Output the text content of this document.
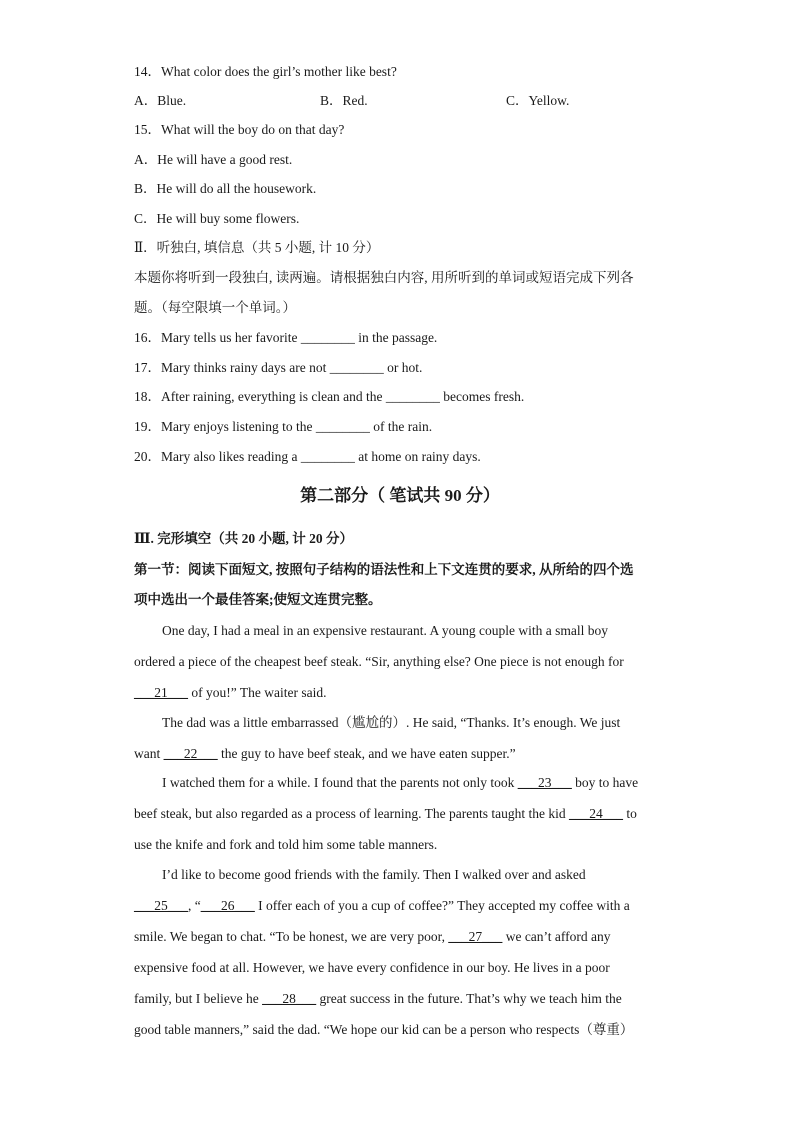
14．What color does the girl’s mother like best?
A．Blue.	B．Red.	C．Yellow.
15．What will the boy do on that day?
A．He will have a good rest.
B．He will do all the housework.
C．He will buy some flowers.
Ⅱ．听独白, 填信息（共 5 小题, 计 10 分）
本题你将听到一段独白, 读两遍。请根据独白内容, 用所听到的单词或短语完成下列各
题。（每空限填一个单词。）
16．Mary tells us her favorite ________ in the passage.
17．Mary thinks rainy days are not ________ or hot.
18．After raining, everything is clean and the ________ becomes fresh.
19．Mary enjoys listening to the ________ of the rain.
20．Mary also likes reading a ________ at home on rainy days.
第二部分（ 笔试共 90 分）
Ⅲ. 完形填空（共 20 小题, 计 20 分）
第一节：阅读下面短文, 按照句子结构的语法性和上下文连贯的要求, 从所给的四个选
项中选出一个最佳答案;使短文连贯完整。
One day, I had a meal in an expensive restaurant. A young couple with a small boy
ordered a piece of the cheapest beef steak. “Sir, anything else? One piece is not enough for
___21___ of you!” The waiter said.
The dad was a little embarrassed（尴尬的）. He said, “Thanks. It’s enough. We just
want ___22___ the guy to have beef steak, and we have eaten supper.”
I watched them for a while. I found that the parents not only took ___23___ boy to have
beef steak, but also regarded as a process of learning. The parents taught the kid ___24___ to
use the knife and fork and told him some table manners.
I’d like to become good friends with the family. Then I walked over and asked
___25___, “___26___ I offer each of you a cup of coffee?” They accepted my coffee with a
smile. We began to chat. “To be honest, we are very poor, ___27___ we can’t afford any
expensive food at all. However, we have every confidence in our boy. He lives in a poor
family, but I believe he ___28___ great success in the future. That’s why we teach him the
good table manners,” said the dad. “We hope our kid can be a person who respects（尊重）
